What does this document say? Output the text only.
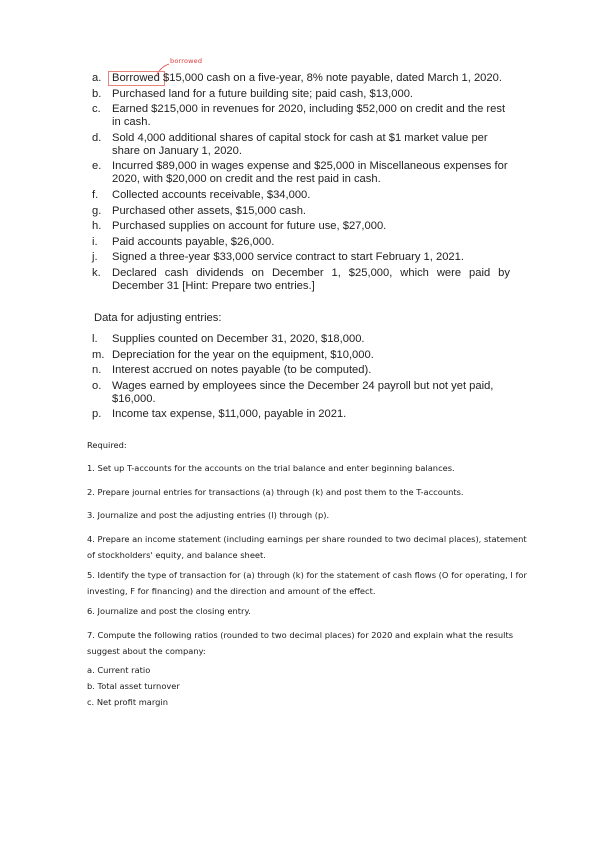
borrowed
a. Borrowed $15,000 cash on a five-year, 8% note payable, dated March 1, 2020.
b. Purchased land for a future building site; paid cash, $13,000.
c. Earned $215,000 in revenues for 2020, including $52,000 on credit and the rest in cash.
d. Sold 4,000 additional shares of capital stock for cash at $1 market value per share on January 1, 2020.
e. Incurred $89,000 in wages expense and $25,000 in Miscellaneous expenses for 2020, with $20,000 on credit and the rest paid in cash.
f. Collected accounts receivable, $34,000.
g. Purchased other assets, $15,000 cash.
h. Purchased supplies on account for future use, $27,000.
i. Paid accounts payable, $26,000.
j. Signed a three-year $33,000 service contract to start February 1, 2021.
k. Declared cash dividends on December 1, $25,000, which were paid by December 31 [Hint: Prepare two entries.]
Data for adjusting entries:
l. Supplies counted on December 31, 2020, $18,000.
m. Depreciation for the year on the equipment, $10,000.
n. Interest accrued on notes payable (to be computed).
o. Wages earned by employees since the December 24 payroll but not yet paid, $16,000.
p. Income tax expense, $11,000, payable in 2021.
Required:
1. Set up T-accounts for the accounts on the trial balance and enter beginning balances.
2. Prepare journal entries for transactions (a) through (k) and post them to the T-accounts.
3. Journalize and post the adjusting entries (l) through (p).
4. Prepare an income statement (including earnings per share rounded to two decimal places), statement of stockholders' equity, and balance sheet.
5. Identify the type of transaction for (a) through (k) for the statement of cash flows (O for operating, I for investing, F for financing) and the direction and amount of the effect.
6. Journalize and post the closing entry.
7. Compute the following ratios (rounded to two decimal places) for 2020 and explain what the results suggest about the company:
a. Current ratio
b. Total asset turnover
c. Net profit margin
